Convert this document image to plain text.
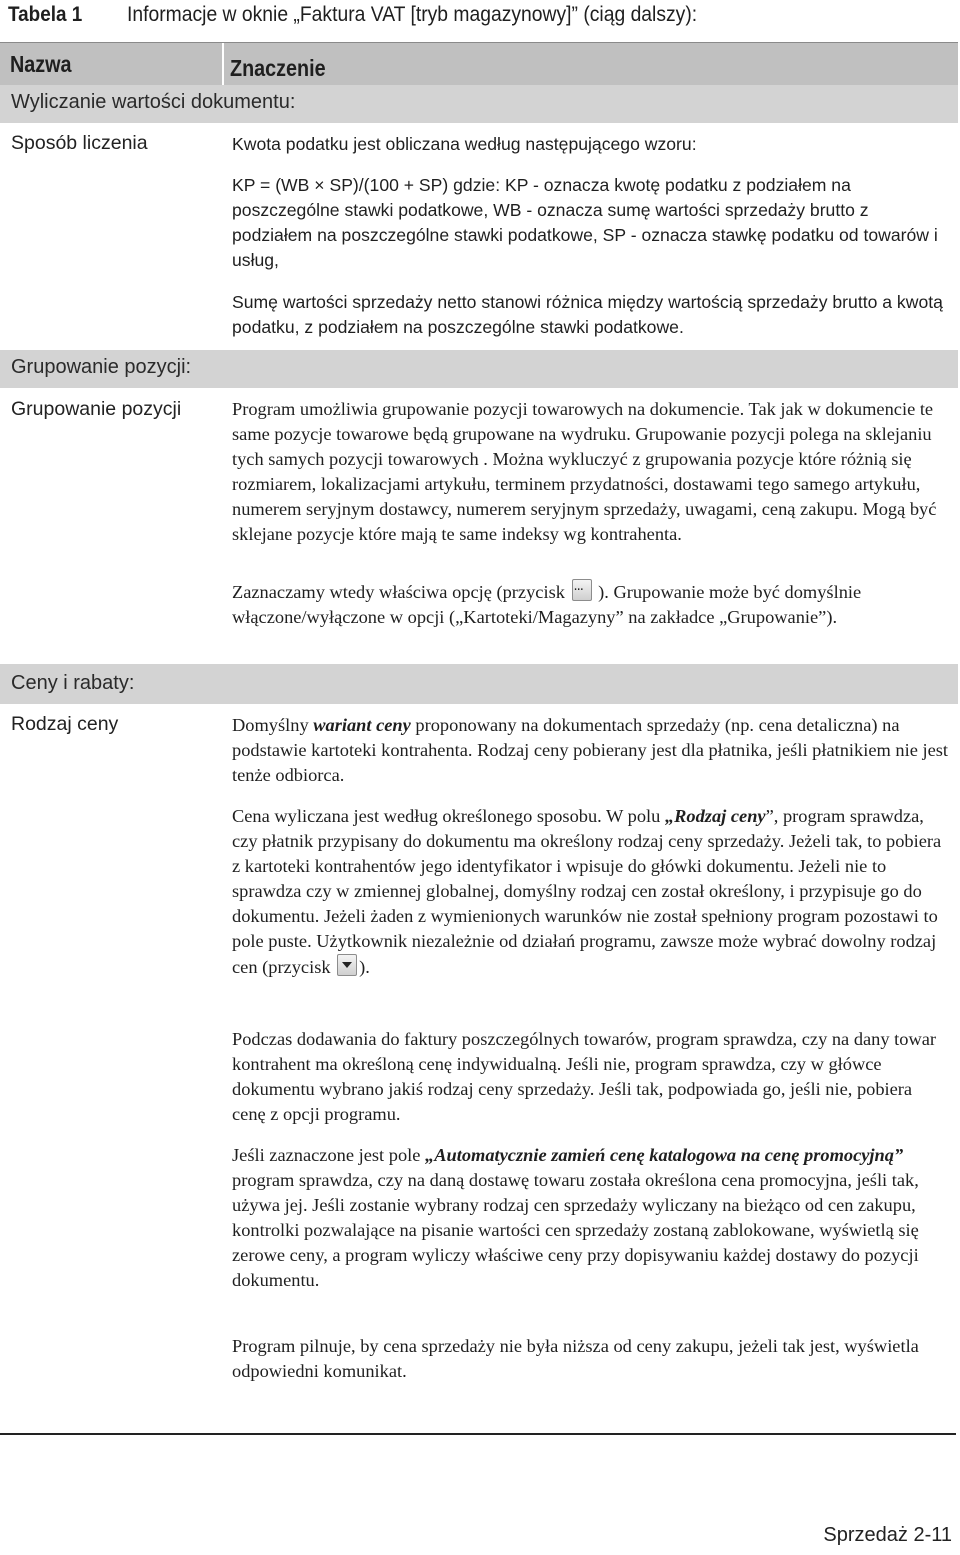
Tabela 1	Informacje w oknie „Faktura VAT [tryb magazynowy]” (ciąg dalszy):
Nazwa	Znaczenie
Wyliczanie wartości dokumentu:
Sposób liczenia	Kwota podatku jest obliczana według następującego wzoru:
KP = (WB × SP)/(100 + SP) gdzie: KP - oznacza kwotę podatku z podziałem na poszczególne stawki podatkowe, WB - oznacza sumę wartości sprzedaży brutto z podziałem na poszczególne stawki podatkowe, SP - oznacza stawkę podatku od towarów i usług,
Sumę wartości sprzedaży netto stanowi różnica między wartością sprzedaży brutto a kwotą podatku, z podziałem na poszczególne stawki podatkowe.
Grupowanie pozycji:
Grupowanie pozycji	Program umożliwia grupowanie pozycji towarowych na dokumencie. Tak jak w dokumencie te same pozycje towarowe będą grupowane na wydruku. Grupowanie pozycji polega na sklejaniu tych samych pozycji towarowych . Można wykluczyć z grupowania pozycje które różnią się rozmiarem, lokalizacjami artykułu, terminem przydatności, dostawami tego samego artykułu, numerem seryjnym dostawcy, numerem seryjnym sprzedaży, uwagami, ceną zakupu. Mogą być sklejane pozycje które mają te same indeksy wg kontrahenta.
Zaznaczamy wtedy właściwa opcję (przycisk ··· ). Grupowanie może być domyślnie włączone/wyłączone w opcji („Kartoteki/Magazyny” na zakładce „Grupowanie”).
Ceny i rabaty:
Rodzaj ceny	Domyślny wariant ceny proponowany na dokumentach sprzedaży (np. cena detaliczna) na podstawie kartoteki kontrahenta. Rodzaj ceny pobierany jest dla płatnika, jeśli płatnikiem nie jest tenże odbiorca.
Cena wyliczana jest według określonego sposobu. W polu „Rodzaj ceny”, program sprawdza, czy płatnik przypisany do dokumentu ma określony rodzaj ceny sprzedaży. Jeżeli tak, to pobiera z kartoteki kontrahentów jego identyfikator i wpisuje do główki dokumentu. Jeżeli nie to sprawdza czy w zmiennej globalnej, domyślny rodzaj cen został określony, i przypisuje go do dokumentu. Jeżeli żaden z wymienionych warunków nie został spełniony program pozostawi to pole puste. Użytkownik niezależnie od działań programu, zawsze może wybrać dowolny rodzaj cen (przycisk ).
Podczas dodawania do faktury poszczególnych towarów, program sprawdza, czy na dany towar kontrahent ma określoną cenę indywidualną. Jeśli nie, program sprawdza, czy w główce dokumentu wybrano jakiś rodzaj ceny sprzedaży. Jeśli tak, podpowiada go, jeśli nie, pobiera cenę z opcji programu.
Jeśli zaznaczone jest pole „Automatycznie zamień cenę katalogowa na cenę promocyjną” program sprawdza, czy na daną dostawę towaru została określona cena promocyjna, jeśli tak, używa jej. Jeśli zostanie wybrany rodzaj cen sprzedaży wyliczany na bieżąco od cen zakupu, kontrolki pozwalające na pisanie wartości cen sprzedaży zostaną zablokowane, wyświetlą się zerowe ceny, a program wyliczy właściwe ceny przy dopisywaniu każdej dostawy do pozycji dokumentu.
Program pilnuje, by cena sprzedaży nie była niższa od ceny zakupu, jeżeli tak jest, wyświetla odpowiedni komunikat.
Sprzedaż 2-11
